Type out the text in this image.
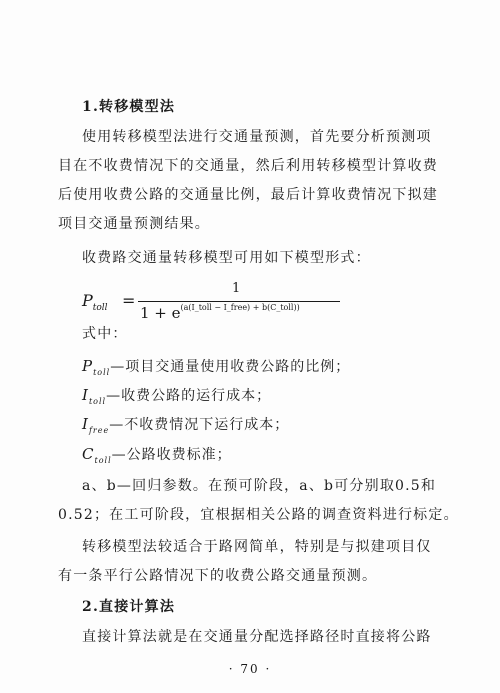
1.转移模型法
使用转移模型法进行交通量预测，首先要分析预测项
目在不收费情况下的交通量，然后利用转移模型计算收费
后使用收费公路的交通量比例，最后计算收费情况下拟建
项目交通量预测结果。
收费路交通量转移模型可用如下模型形式：
$P_{toll}$ =
1
$1 + e^{(a(I\_toll - I\_free) + b(C\_toll))}$
式中：
$P_{toll}—$项目交通量使用收费公路的比例；
$I_{toll}—$收费公路的运行成本；
$I_{free}—$不收费情况下运行成本；
$C_{toll}—$公路收费标准；
a、b—回归参数。在预可阶段，a、b可分别取0.5和
0.52；在工可阶段，宜根据相关公路的调查资料进行标定。
转移模型法较适合于路网简单，特别是与拟建项目仅
有一条平行公路情况下的收费公路交通量预测。
2.直接计算法
直接计算法就是在交通量分配选择路径时直接将公路
· 70 ·
